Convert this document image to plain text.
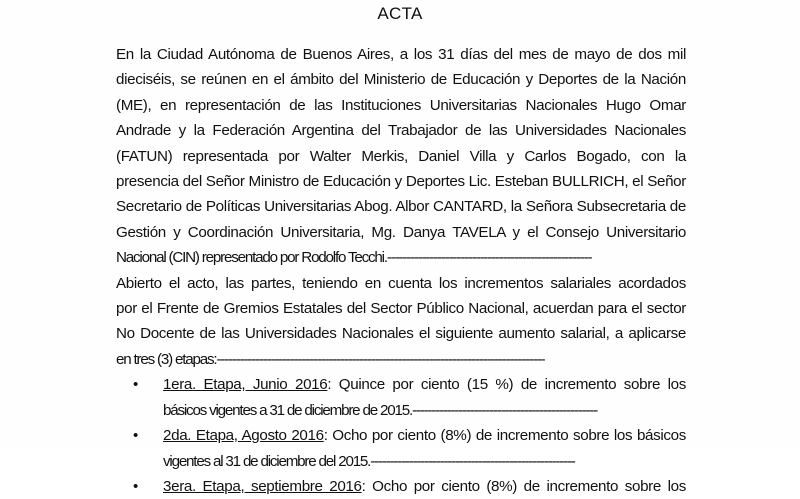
ACTA
En la Ciudad Autónoma de Buenos Aires, a los 31 días del mes de mayo de dos mil
dieciséis, se reúnen en el ámbito del Ministerio de Educación y Deportes de la Nación
(ME), en representación de las Instituciones Universitarias Nacionales Hugo Omar
Andrade y la Federación Argentina del Trabajador de las Universidades Nacionales
(FATUN) representada por Walter Merkis, Daniel Villa y Carlos Bogado, con la
presencia del Señor Ministro de Educación y Deportes Lic. Esteban BULLRICH, el Señor
Secretario de Políticas Universitarias Abog. Albor CANTARD, la Señora Subsecretaria de
Gestión y Coordinación Universitaria, Mg. Danya TAVELA y el Consejo Universitario
Nacional (CIN) representado por Rodolfo Tecchi.-----------------------------------------------------
Abierto el acto, las partes, teniendo en cuenta los incrementos salariales acordados
por el Frente de Gremios Estatales del Sector Público Nacional, acuerdan para el sector
No Docente de las Universidades Nacionales el siguiente aumento salarial, a aplicarse
en tres (3) etapas:-------------------------------------------------------------------------------------
• 1era. Etapa, Junio 2016: Quince por ciento (15 %) de incremento sobre los
básicos vigentes a 31 de diciembre de 2015.------------------------------------------------
• 2da. Etapa, Agosto 2016: Ocho por ciento (8%) de incremento sobre los básicos
vigentes al 31 de diciembre del 2015.-----------------------------------------------------
• 3era. Etapa, septiembre 2016: Ocho por ciento (8%) de incremento sobre los
